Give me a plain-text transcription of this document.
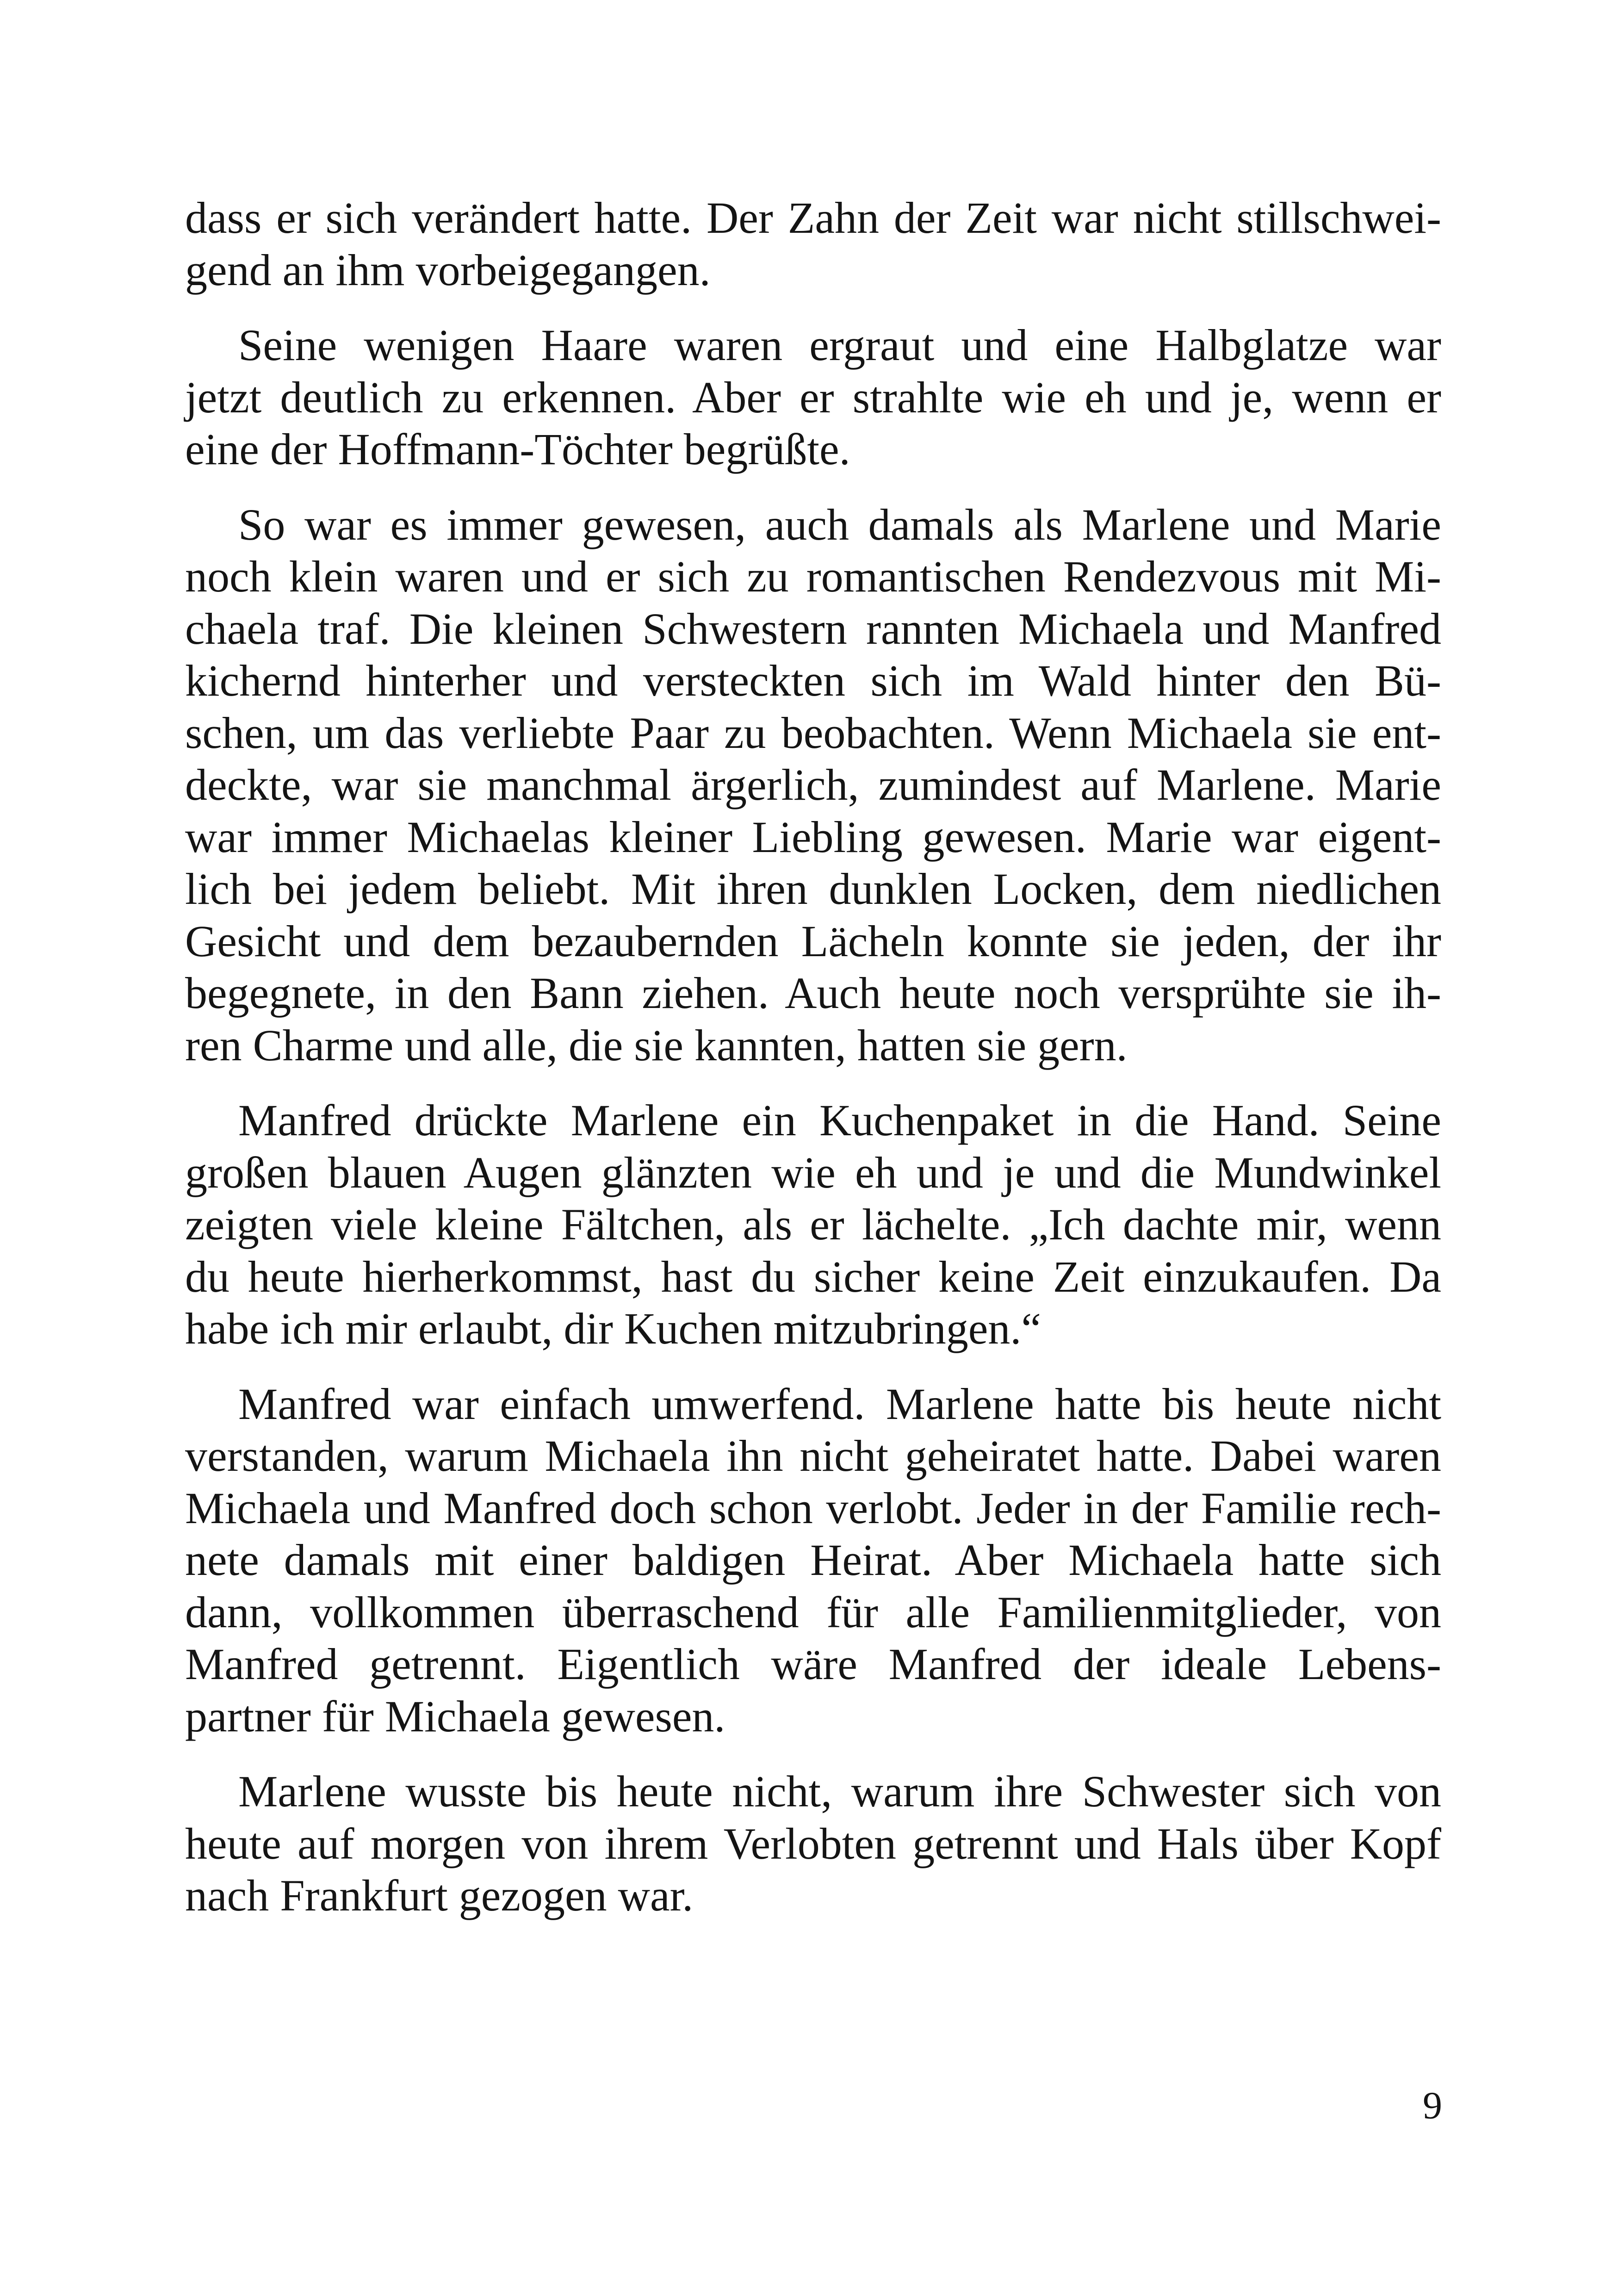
dass er sich verändert hatte. Der Zahn der Zeit war nicht stillschwei-
gend an ihm vorbeigegangen.

Seine wenigen Haare waren ergraut und eine Halbglatze war
jetzt deutlich zu erkennen. Aber er strahlte wie eh und je, wenn er
eine der Hoffmann-Töchter begrüßte.

So war es immer gewesen, auch damals als Marlene und Marie
noch klein waren und er sich zu romantischen Rendezvous mit Mi-
chaela traf. Die kleinen Schwestern rannten Michaela und Manfred
kichernd hinterher und versteckten sich im Wald hinter den Bü-
schen, um das verliebte Paar zu beobachten. Wenn Michaela sie ent-
deckte, war sie manchmal ärgerlich, zumindest auf Marlene. Marie
war immer Michaelas kleiner Liebling gewesen. Marie war eigent-
lich bei jedem beliebt. Mit ihren dunklen Locken, dem niedlichen
Gesicht und dem bezaubernden Lächeln konnte sie jeden, der ihr
begegnete, in den Bann ziehen. Auch heute noch versprühte sie ih-
ren Charme und alle, die sie kannten, hatten sie gern.

Manfred drückte Marlene ein Kuchenpaket in die Hand. Seine
großen blauen Augen glänzten wie eh und je und die Mundwinkel
zeigten viele kleine Fältchen, als er lächelte. „Ich dachte mir, wenn
du heute hierherkommst, hast du sicher keine Zeit einzukaufen. Da
habe ich mir erlaubt, dir Kuchen mitzubringen.“

Manfred war einfach umwerfend. Marlene hatte bis heute nicht
verstanden, warum Michaela ihn nicht geheiratet hatte. Dabei waren
Michaela und Manfred doch schon verlobt. Jeder in der Familie rech-
nete damals mit einer baldigen Heirat. Aber Michaela hatte sich
dann, vollkommen überraschend für alle Familienmitglieder, von
Manfred getrennt. Eigentlich wäre Manfred der ideale Lebens-
partner für Michaela gewesen.

Marlene wusste bis heute nicht, warum ihre Schwester sich von
heute auf morgen von ihrem Verlobten getrennt und Hals über Kopf
nach Frankfurt gezogen war.

9
